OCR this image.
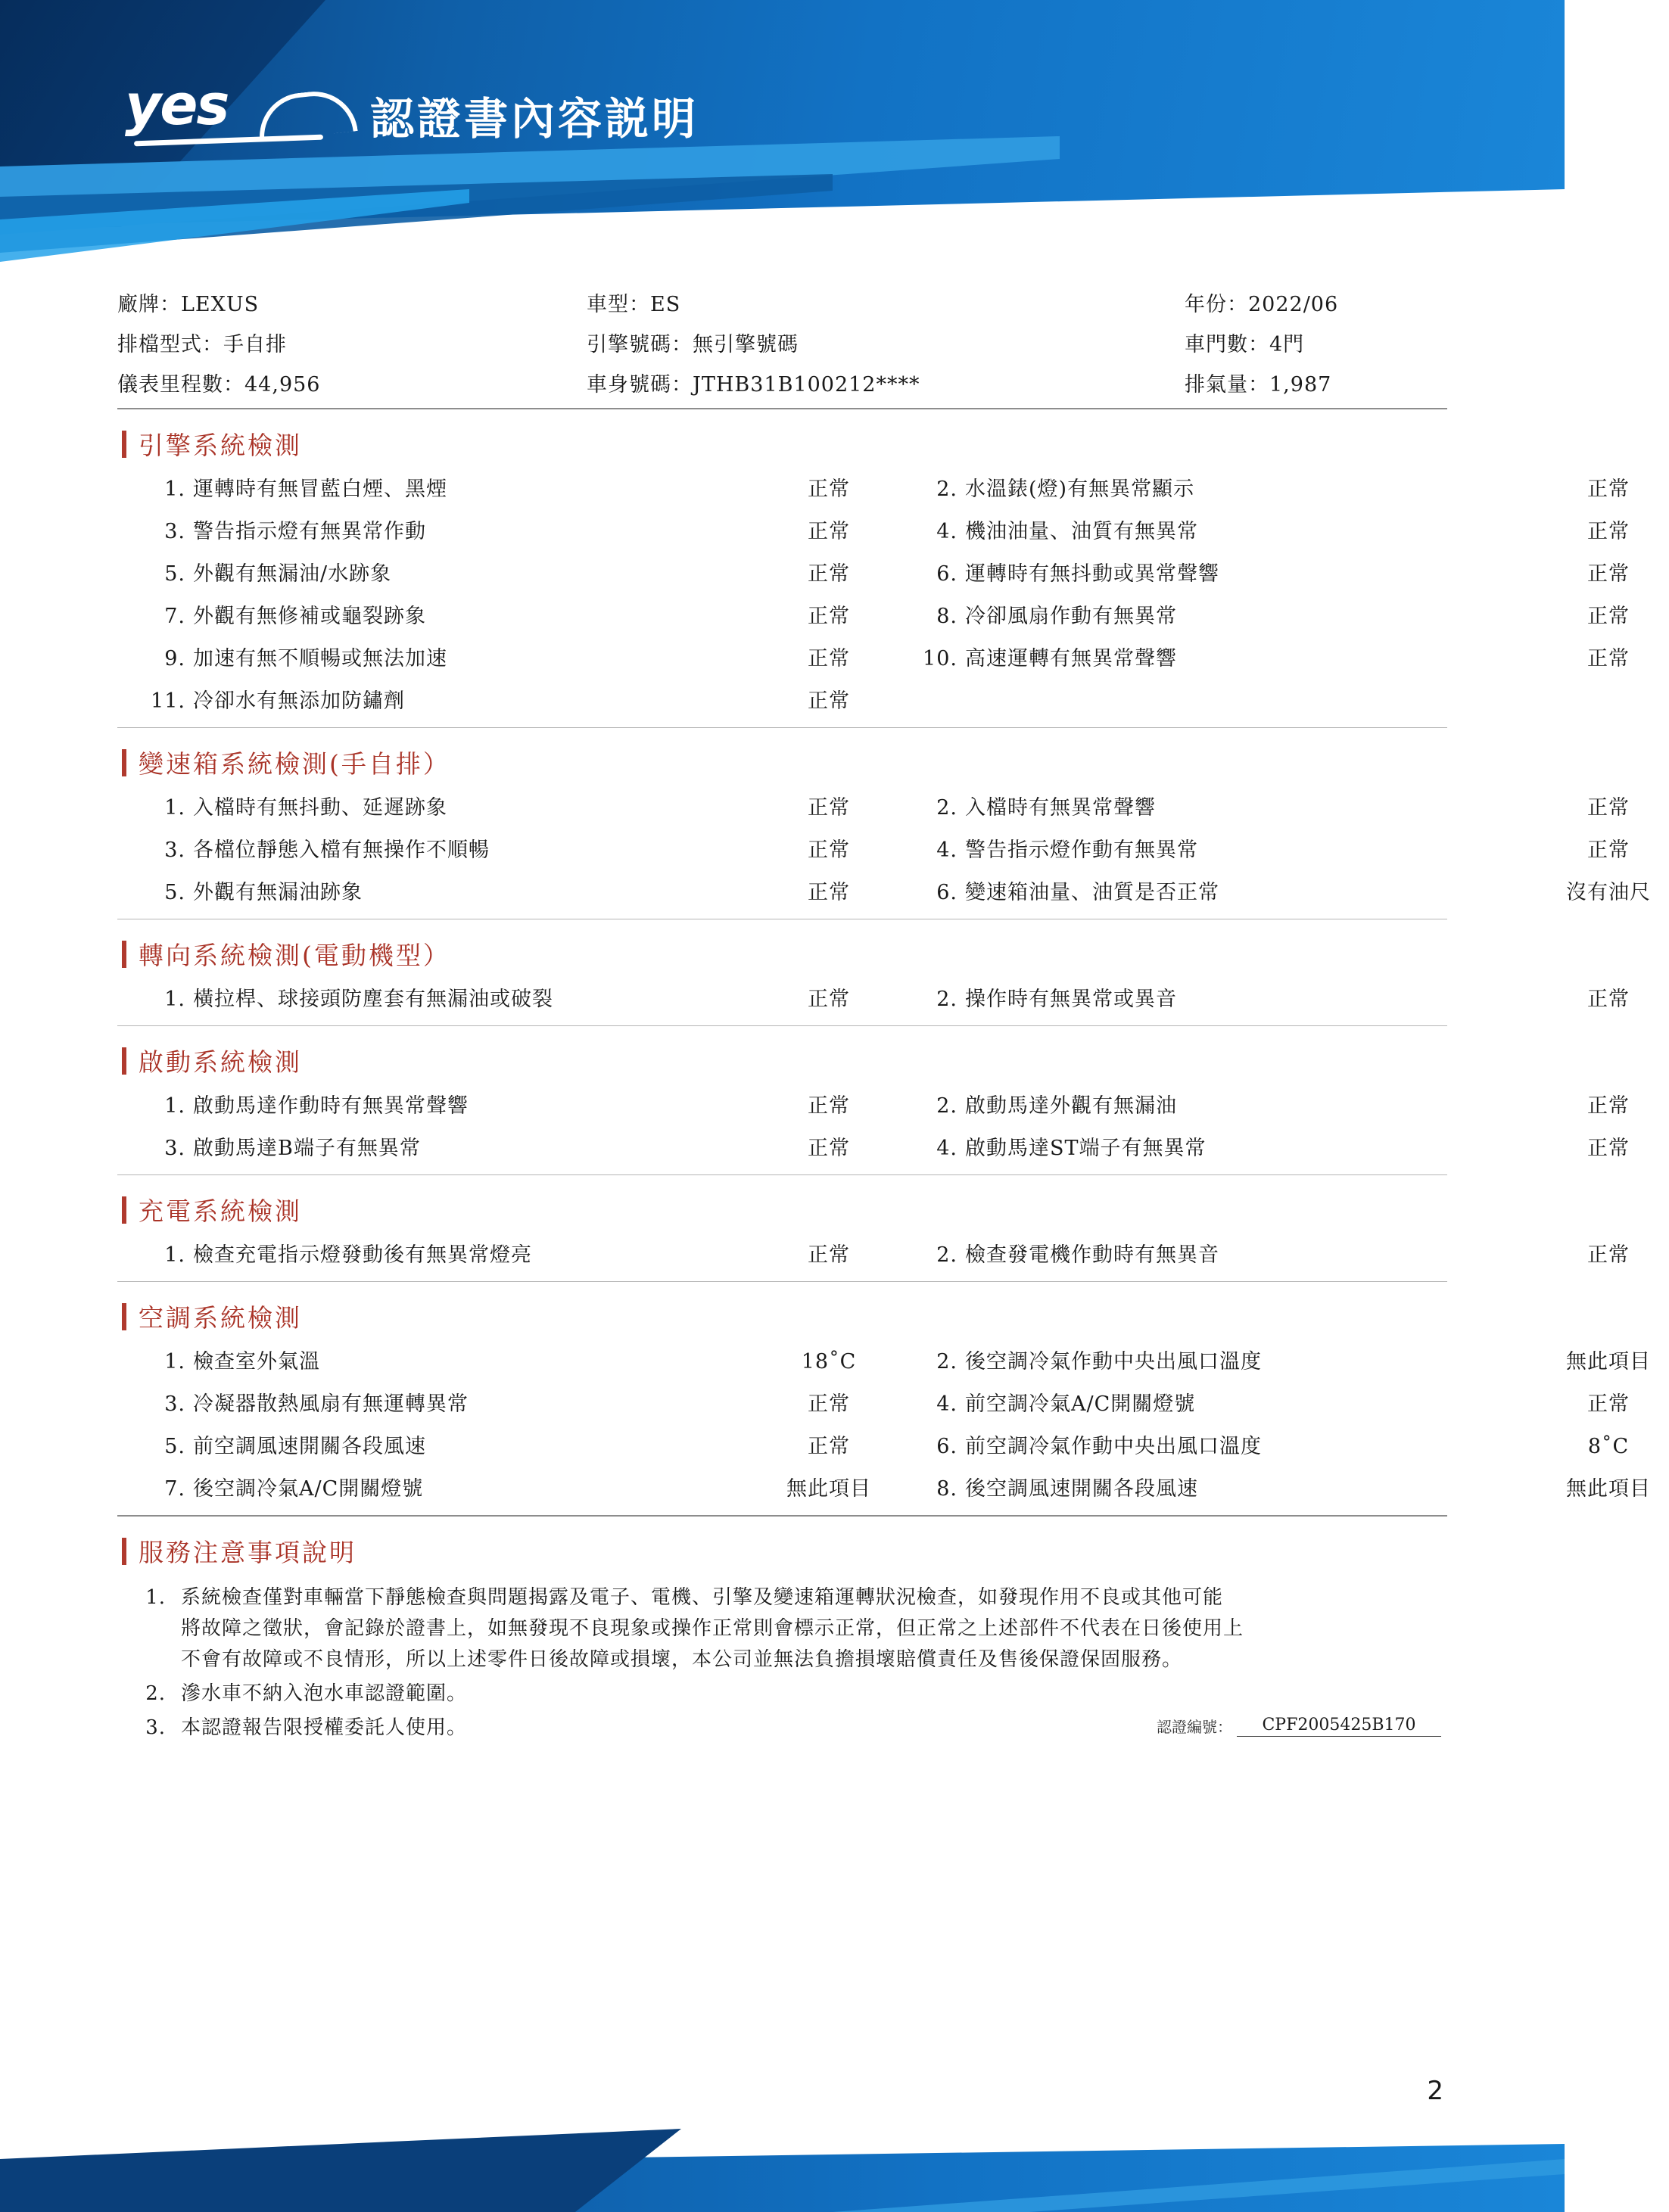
yes	認證書內容説明
廠牌：LEXUS	車型：ES	年份：2022/06
排檔型式：手自排	引擎號碼：無引擎號碼	車門數：4門
儀表里程數：44,956	車身號碼：JTHB31B100212****	排氣量：1,987
引擎系統檢測
1. 運轉時有無冒藍白煙、黑煙	正常	2. 水溫錶(燈)有無異常顯示	正常
3. 警告指示燈有無異常作動	正常	4. 機油油量、油質有無異常	正常
5. 外觀有無漏油/水跡象	正常	6. 運轉時有無抖動或異常聲響	正常
7. 外觀有無修補或龜裂跡象	正常	8. 冷卻風扇作動有無異常	正常
9. 加速有無不順暢或無法加速	正常	10. 高速運轉有無異常聲響	正常
11. 冷卻水有無添加防鏽劑	正常
變速箱系統檢測(手自排）
1. 入檔時有無抖動、延遲跡象	正常	2. 入檔時有無異常聲響	正常
3. 各檔位靜態入檔有無操作不順暢	正常	4. 警告指示燈作動有無異常	正常
5. 外觀有無漏油跡象	正常	6. 變速箱油量、油質是否正常	沒有油尺
轉向系統檢測(電動機型）
1. 橫拉桿、球接頭防塵套有無漏油或破裂	正常	2. 操作時有無異常或異音	正常
啟動系統檢測
1. 啟動馬達作動時有無異常聲響	正常	2. 啟動馬達外觀有無漏油	正常
3. 啟動馬達B端子有無異常	正常	4. 啟動馬達ST端子有無異常	正常
充電系統檢測
1. 檢查充電指示燈發動後有無異常燈亮	正常	2. 檢查發電機作動時有無異音	正常
空調系統檢測
1. 檢查室外氣溫	18˚C	2. 後空調冷氣作動中央出風口溫度	無此項目
3. 冷凝器散熱風扇有無運轉異常	正常	4. 前空調冷氣A/C開關燈號	正常
5. 前空調風速開關各段風速	正常	6. 前空調冷氣作動中央出風口溫度	8˚C
7. 後空調冷氣A/C開關燈號	無此項目	8. 後空調風速開關各段風速	無此項目
服務注意事項說明
1. 系統檢查僅對車輛當下靜態檢查與問題揭露及電子、電機、引擎及變速箱運轉狀況檢查，如發現作用不良或其他可能

將故障之徵狀，會記錄於證書上，如無發現不良現象或操作正常則會標示正常，但正常之上述部件不代表在日後使用上

不會有故障或不良情形，所以上述零件日後故障或損壞，本公司並無法負擔損壞賠償責任及售後保證保固服務。

2. 滲水車不納入泡水車認證範圍。

3. 本認證報告限授權委託人使用。	認證編號：	CPF2005425B170
2
